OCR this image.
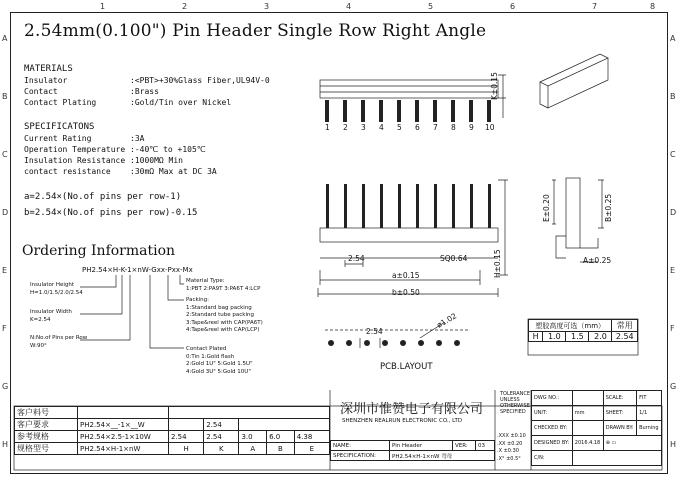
1	2	3	4	5	6	7	8
A
B
C
D
E
F
G
H
A
B
C
D
E
F
G
H
2.54mm(0.100") Pin Header Single Row Right Angle
MATERIALS
Insulator	:<PBT>+30%Glass Fiber,UL94V-0
Contact	:Brass
Contact Plating	:Gold/Tin over Nickel
SPECIFICATONS
Current Rating	:3A
Operation Temperature :-40℃ to +105℃
Insulation Resistance :1000MΩ Min
contact resistance :30mΩ Max at DC 3A
a=2.54×(No.of pins per row-1)
b=2.54×(No.of pins per row)-0.15
Ordering Information
PH2.54×H-K-1×nW-Gxx-Pxx-Mx
Insulator Height
H=1.0/1.5/2.0/2.54
Insulator Width
K=2.54
N:No.of Pins per Row
W:90°
Material Type:
1:PBT 2:PA9T 3:PA6T 4:LCP
Packing:
1:Standard bag packing
2:Standard tube packing
3:Tape&reel with CAP(PA6T)
4:Tape&reel with CAP(LCP)
Contact Plated
0:Tin 1:Gold flash
2:Gold 1U" 5:Gold 1.5U"
4:Gold 3U" 5:Gold 10U"
1 2 3 4 5 6 7 8 9 10
K±0.15
H±0.15
E±0.20	B±0.25
A±0.25
2.54	SQ0.64
a±0.15
b±0.50
2.54
ø1.02
PCB.LAYOUT
塑胶高度可选（mm）				常用
H	1.0	1.5	2.0	2.54
客户料号						
客户要求	PH2.54×__-1×__W		2.54			
参考规格	PH2.54×2.5-1×10W	2.54	2.54	3.0	6.0	4.38
规格型号	PH2.54×H-1×nW	H	K	A	B	E
深圳市惟赞电子有限公司
SHENZHEN REALRUN ELECTRONIC CO., LTD
NAME:	Pin Header	VER:	03
SPECIFICATION:	PH2.54×H-1×nW 弯母		
TOLERANCE
UNLESS
OTHERWISE
SPECIFIED
.XXX ±0.10
.XX ±0.20
.X ±0.30
.X° ±0.5°
DWG NO.:		SCALE:	FIT
UNIT:	mm	SHEET:	1/1
CHECKED BY:		DRAWN BY:	Burning
DESIGNED BY:	2016.4.18	⊕ ▭	
C/N:			
